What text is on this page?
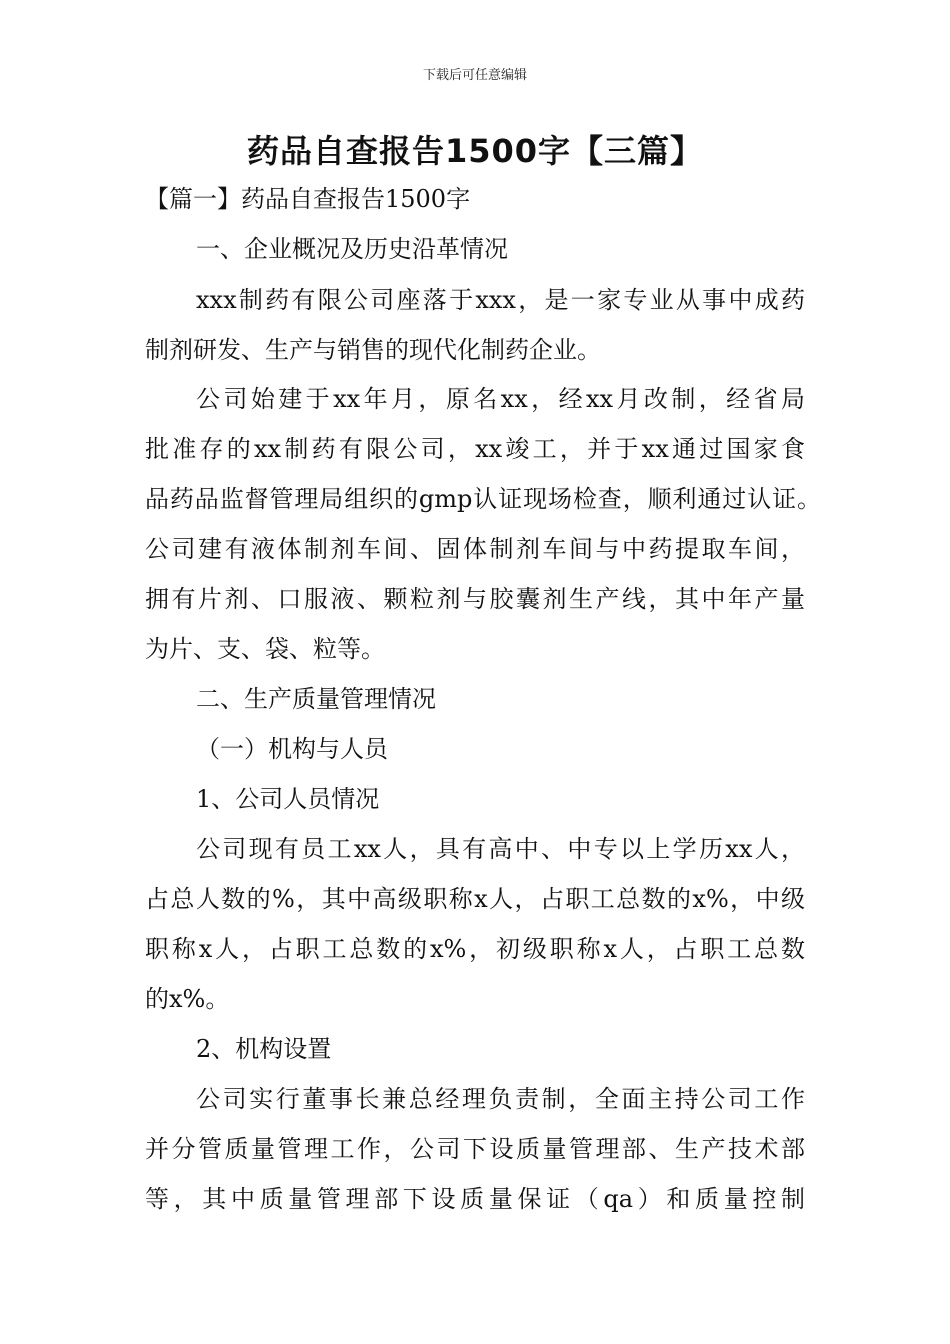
下载后可任意编辑
药品自查报告1500字【三篇】
【篇一】药品自查报告1500字
一、企业概况及历史沿革情况
xxx制药有限公司座落于xxx，是一家专业从事中成药
制剂研发、生产与销售的现代化制药企业。
公司始建于xx年月，原名xx，经xx月改制，经省局
批准存的xx制药有限公司，xx竣工，并于xx通过国家食
品药品监督管理局组织的gmp认证现场检查，顺利通过认证。
公司建有液体制剂车间、固体制剂车间与中药提取车间，
拥有片剂、口服液、颗粒剂与胶囊剂生产线，其中年产量
为片、支、袋、粒等。
二、生产质量管理情况
（一）机构与人员
1、公司人员情况
公司现有员工xx人，具有高中、中专以上学历xx人，
占总人数的%，其中高级职称x人，占职工总数的x%，中级
职称x人，占职工总数的x%，初级职称x人，占职工总数
的x%。
2、机构设置
公司实行董事长兼总经理负责制，全面主持公司工作
并分管质量管理工作，公司下设质量管理部、生产技术部
等，其中质量管理部下设质量保证（qa）和质量控制
